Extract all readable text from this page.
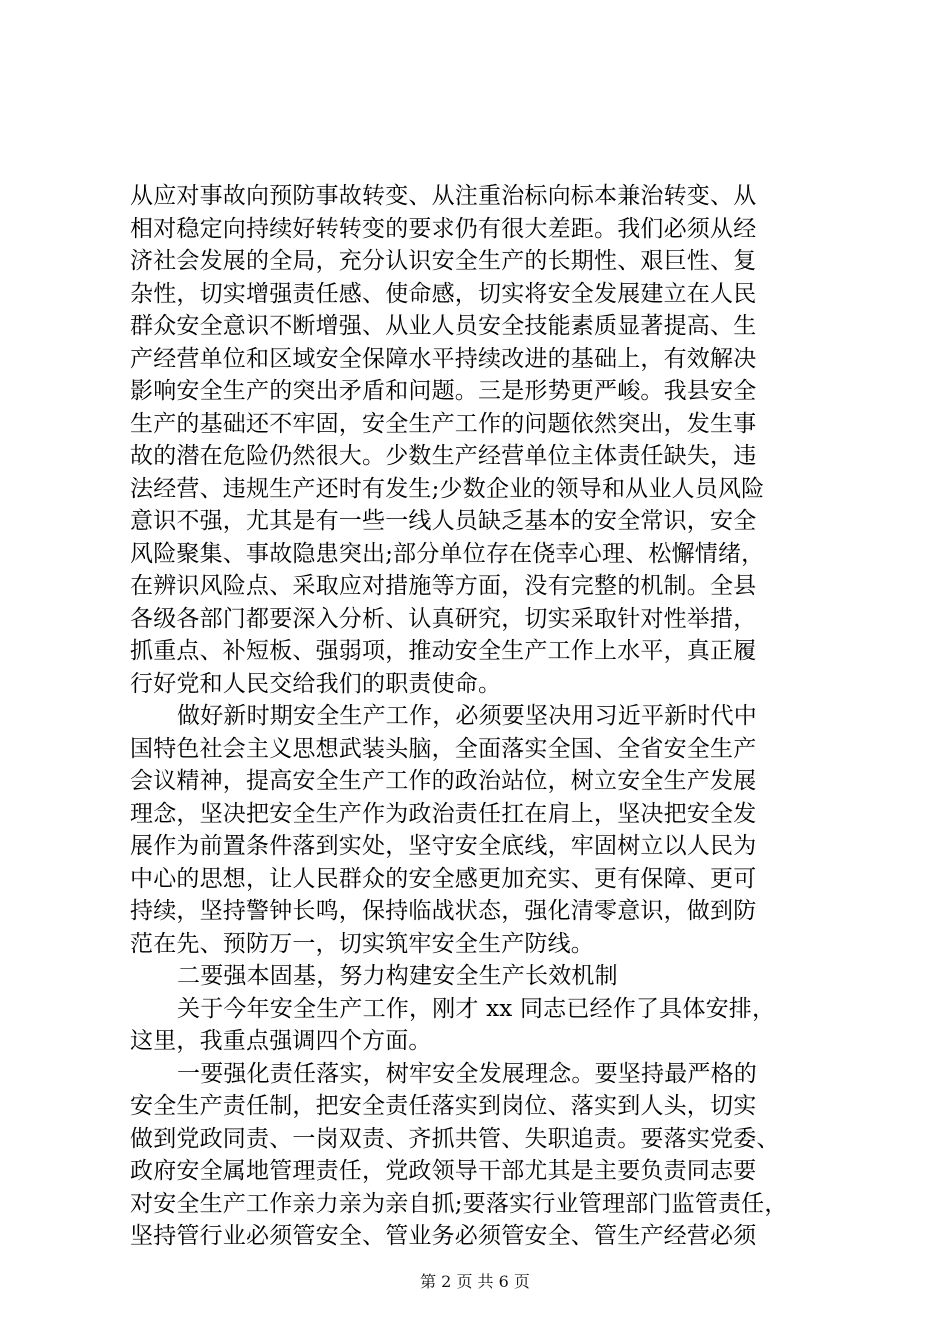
从应对事故向预防事故转变、从注重治标向标本兼治转变、从
相对稳定向持续好转转变的要求仍有很大差距。我们必须从经
济社会发展的全局，充分认识安全生产的长期性、艰巨性、复
杂性，切实增强责任感、使命感，切实将安全发展建立在人民
群众安全意识不断增强、从业人员安全技能素质显著提高、生
产经营单位和区域安全保障水平持续改进的基础上，有效解决
影响安全生产的突出矛盾和问题。三是形势更严峻。我县安全
生产的基础还不牢固，安全生产工作的问题依然突出，发生事
故的潜在危险仍然很大。少数生产经营单位主体责任缺失，违
法经营、违规生产还时有发生;少数企业的领导和从业人员风险
意识不强，尤其是有一些一线人员缺乏基本的安全常识，安全
风险聚集、事故隐患突出;部分单位存在侥幸心理、松懈情绪，
在辨识风险点、采取应对措施等方面，没有完整的机制。全县
各级各部门都要深入分析、认真研究，切实采取针对性举措，
抓重点、补短板、强弱项，推动安全生产工作上水平，真正履
行好党和人民交给我们的职责使命。
做好新时期安全生产工作，必须要坚决用习近平新时代中
国特色社会主义思想武装头脑，全面落实全国、全省安全生产
会议精神，提高安全生产工作的政治站位，树立安全生产发展
理念，坚决把安全生产作为政治责任扛在肩上，坚决把安全发
展作为前置条件落到实处，坚守安全底线，牢固树立以人民为
中心的思想，让人民群众的安全感更加充实、更有保障、更可
持续，坚持警钟长鸣，保持临战状态，强化清零意识，做到防
范在先、预防万一，切实筑牢安全生产防线。
二要强本固基，努力构建安全生产长效机制
关于今年安全生产工作，刚才 xx 同志已经作了具体安排，
这里，我重点强调四个方面。
一要强化责任落实，树牢安全发展理念。要坚持最严格的
安全生产责任制，把安全责任落实到岗位、落实到人头，切实
做到党政同责、一岗双责、齐抓共管、失职追责。要落实党委、
政府安全属地管理责任，党政领导干部尤其是主要负责同志要
对安全生产工作亲力亲为亲自抓;要落实行业管理部门监管责任，
坚持管行业必须管安全、管业务必须管安全、管生产经营必须
第 2 页 共 6 页
